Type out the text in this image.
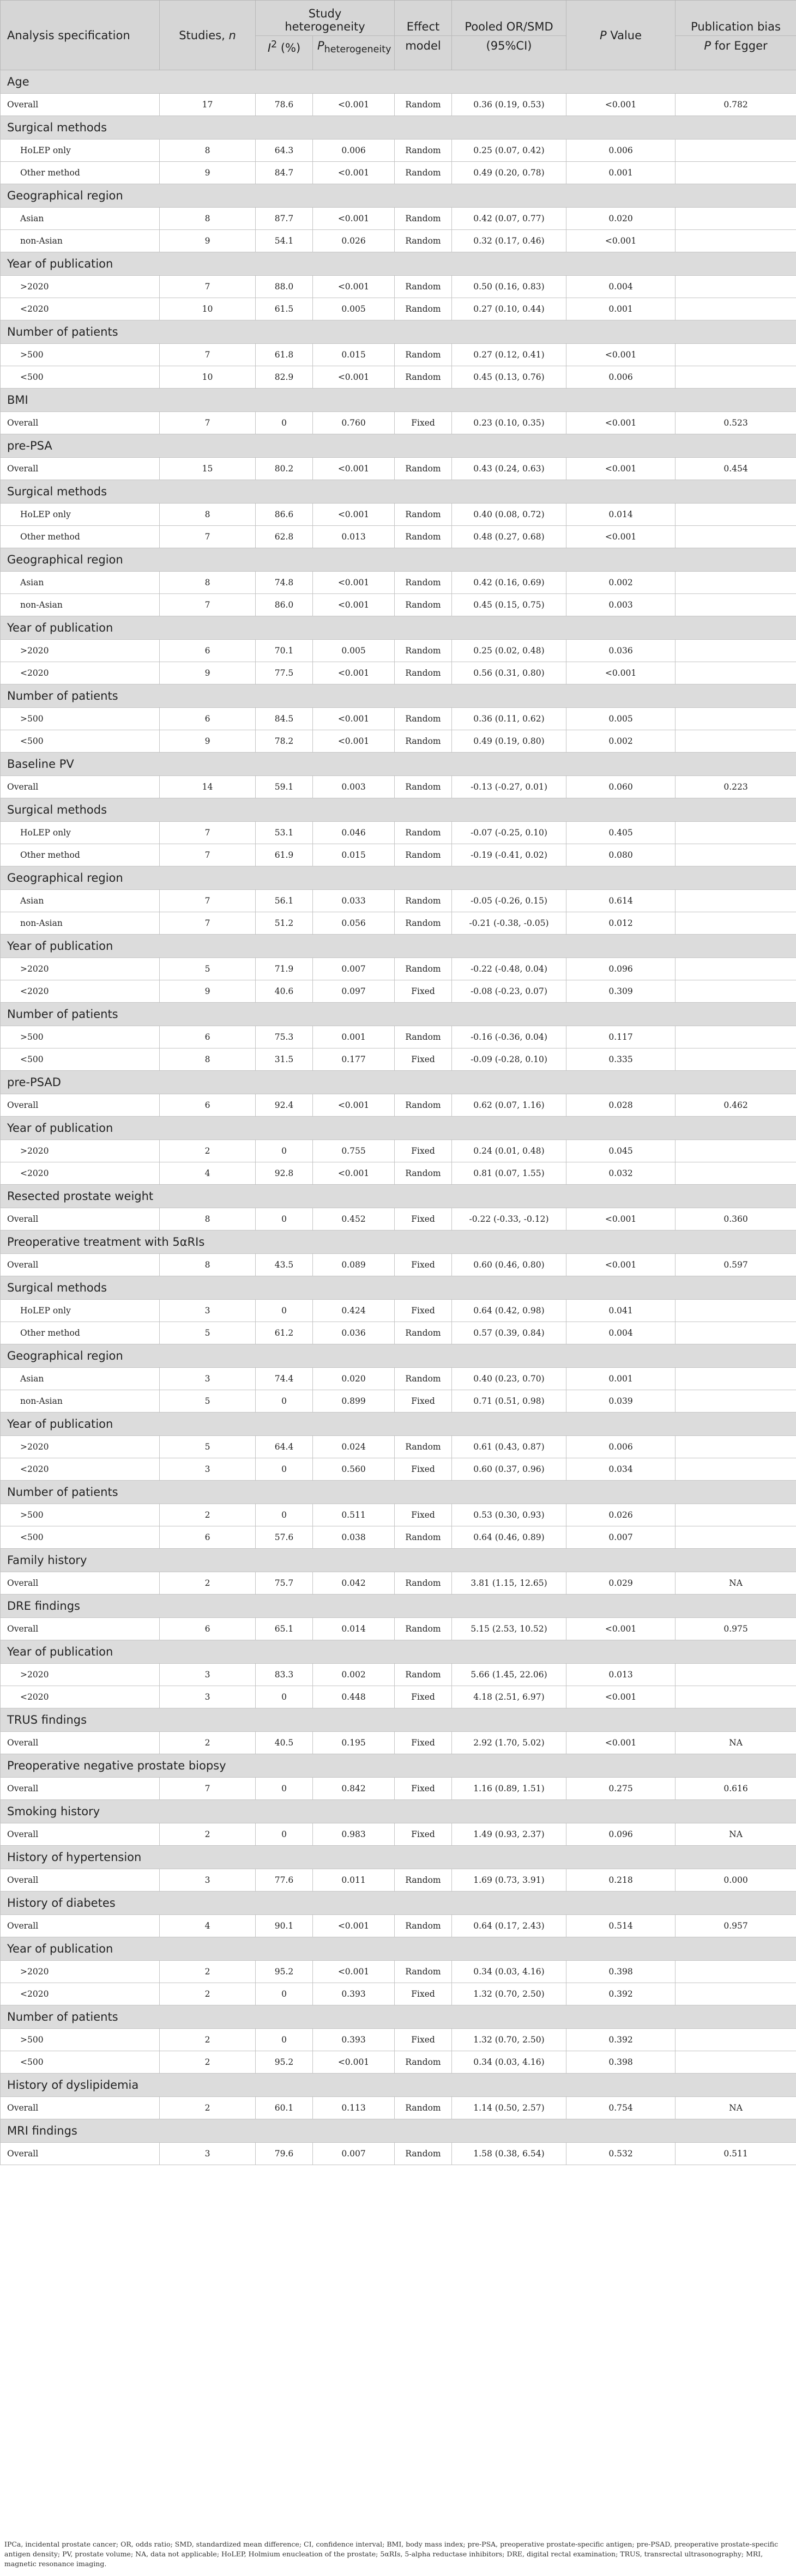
Analysis specification	Studies, n	Study
heterogeneity		Effect	Pooled OR/SMD	P Value	Publication bias
		$I^2$ (%)	$P_{heterogeneity}$	model	(95%CI)		P for Egger
Age							
Overall	17	78.6	<0.001	Random	0.36 (0.19, 0.53)	<0.001	0.782
Surgical methods							
HoLEP only	8	64.3	0.006	Random	0.25 (0.07, 0.42)	0.006	
Other method	9	84.7	<0.001	Random	0.49 (0.20, 0.78)	0.001	
Geographical region							
Asian	8	87.7	<0.001	Random	0.42 (0.07, 0.77)	0.020	
non-Asian	9	54.1	0.026	Random	0.32 (0.17, 0.46)	<0.001	
Year of publication							
>2020	7	88.0	<0.001	Random	0.50 (0.16, 0.83)	0.004	
<2020	10	61.5	0.005	Random	0.27 (0.10, 0.44)	0.001	
Number of patients							
>500	7	61.8	0.015	Random	0.27 (0.12, 0.41)	<0.001	
<500	10	82.9	<0.001	Random	0.45 (0.13, 0.76)	0.006	
BMI							
Overall	7	0	0.760	Fixed	0.23 (0.10, 0.35)	<0.001	0.523
pre-PSA							
Overall	15	80.2	<0.001	Random	0.43 (0.24, 0.63)	<0.001	0.454
Surgical methods							
HoLEP only	8	86.6	<0.001	Random	0.40 (0.08, 0.72)	0.014	
Other method	7	62.8	0.013	Random	0.48 (0.27, 0.68)	<0.001	
Geographical region							
Asian	8	74.8	<0.001	Random	0.42 (0.16, 0.69)	0.002	
non-Asian	7	86.0	<0.001	Random	0.45 (0.15, 0.75)	0.003	
Year of publication							
>2020	6	70.1	0.005	Random	0.25 (0.02, 0.48)	0.036	
<2020	9	77.5	<0.001	Random	0.56 (0.31, 0.80)	<0.001	
Number of patients							
>500	6	84.5	<0.001	Random	0.36 (0.11, 0.62)	0.005	
<500	9	78.2	<0.001	Random	0.49 (0.19, 0.80)	0.002	
Baseline PV							
Overall	14	59.1	0.003	Random	-0.13 (-0.27, 0.01)	0.060	0.223
Surgical methods							
HoLEP only	7	53.1	0.046	Random	-0.07 (-0.25, 0.10)	0.405	
Other method	7	61.9	0.015	Random	-0.19 (-0.41, 0.02)	0.080	
Geographical region							
Asian	7	56.1	0.033	Random	-0.05 (-0.26, 0.15)	0.614	
non-Asian	7	51.2	0.056	Random	-0.21 (-0.38, -0.05)	0.012	
Year of publication							
>2020	5	71.9	0.007	Random	-0.22 (-0.48, 0.04)	0.096	
<2020	9	40.6	0.097	Fixed	-0.08 (-0.23, 0.07)	0.309	
Number of patients							
>500	6	75.3	0.001	Random	-0.16 (-0.36, 0.04)	0.117	
<500	8	31.5	0.177	Fixed	-0.09 (-0.28, 0.10)	0.335	
pre-PSAD							
Overall	6	92.4	<0.001	Random	0.62 (0.07, 1.16)	0.028	0.462
Year of publication							
>2020	2	0	0.755	Fixed	0.24 (0.01, 0.48)	0.045	
<2020	4	92.8	<0.001	Random	0.81 (0.07, 1.55)	0.032	
Resected prostate weight							
Overall	8	0	0.452	Fixed	-0.22 (-0.33, -0.12)	<0.001	0.360
Preoperative treatment with 5αRIs							
Overall	8	43.5	0.089	Fixed	0.60 (0.46, 0.80)	<0.001	0.597
Surgical methods							
HoLEP only	3	0	0.424	Fixed	0.64 (0.42, 0.98)	0.041	
Other method	5	61.2	0.036	Random	0.57 (0.39, 0.84)	0.004	
Geographical region							
Asian	3	74.4	0.020	Random	0.40 (0.23, 0.70)	0.001	
non-Asian	5	0	0.899	Fixed	0.71 (0.51, 0.98)	0.039	
Year of publication							
>2020	5	64.4	0.024	Random	0.61 (0.43, 0.87)	0.006	
<2020	3	0	0.560	Fixed	0.60 (0.37, 0.96)	0.034	
Number of patients							
>500	2	0	0.511	Fixed	0.53 (0.30, 0.93)	0.026	
<500	6	57.6	0.038	Random	0.64 (0.46, 0.89)	0.007	
Family history							
Overall	2	75.7	0.042	Random	3.81 (1.15, 12.65)	0.029	NA
DRE findings							
Overall	6	65.1	0.014	Random	5.15 (2.53, 10.52)	<0.001	0.975
Year of publication							
>2020	3	83.3	0.002	Random	5.66 (1.45, 22.06)	0.013	
<2020	3	0	0.448	Fixed	4.18 (2.51, 6.97)	<0.001	
TRUS findings							
Overall	2	40.5	0.195	Fixed	2.92 (1.70, 5.02)	<0.001	NA
Preoperative negative prostate biopsy							
Overall	7	0	0.842	Fixed	1.16 (0.89, 1.51)	0.275	0.616
Smoking history							
Overall	2	0	0.983	Fixed	1.49 (0.93, 2.37)	0.096	NA
History of hypertension							
Overall	3	77.6	0.011	Random	1.69 (0.73, 3.91)	0.218	0.000
History of diabetes							
Overall	4	90.1	<0.001	Random	0.64 (0.17, 2.43)	0.514	0.957
Year of publication							
>2020	2	95.2	<0.001	Random	0.34 (0.03, 4.16)	0.398	
<2020	2	0	0.393	Fixed	1.32 (0.70, 2.50)	0.392	
Number of patients							
>500	2	0	0.393	Fixed	1.32 (0.70, 2.50)	0.392	
<500	2	95.2	<0.001	Random	0.34 (0.03, 4.16)	0.398	
History of dyslipidemia							
Overall	2	60.1	0.113	Random	1.14 (0.50, 2.57)	0.754	NA
MRI findings							
Overall	3	79.6	0.007	Random	1.58 (0.38, 6.54)	0.532	0.511
IPCa, incidental prostate cancer; OR, odds ratio; SMD, standardized mean difference; CI, confidence interval; BMI, body mass index; pre-PSA, preoperative prostate-specific antigen; pre-PSAD, preoperative prostate-specific antigen density; PV, prostate volume; NA, data not applicable; HoLEP, Holmium enucleation of the prostate; 5αRIs, 5-alpha reductase inhibitors; DRE, digital rectal examination; TRUS, transrectal ultrasonography; MRI, magnetic resonance imaging.
